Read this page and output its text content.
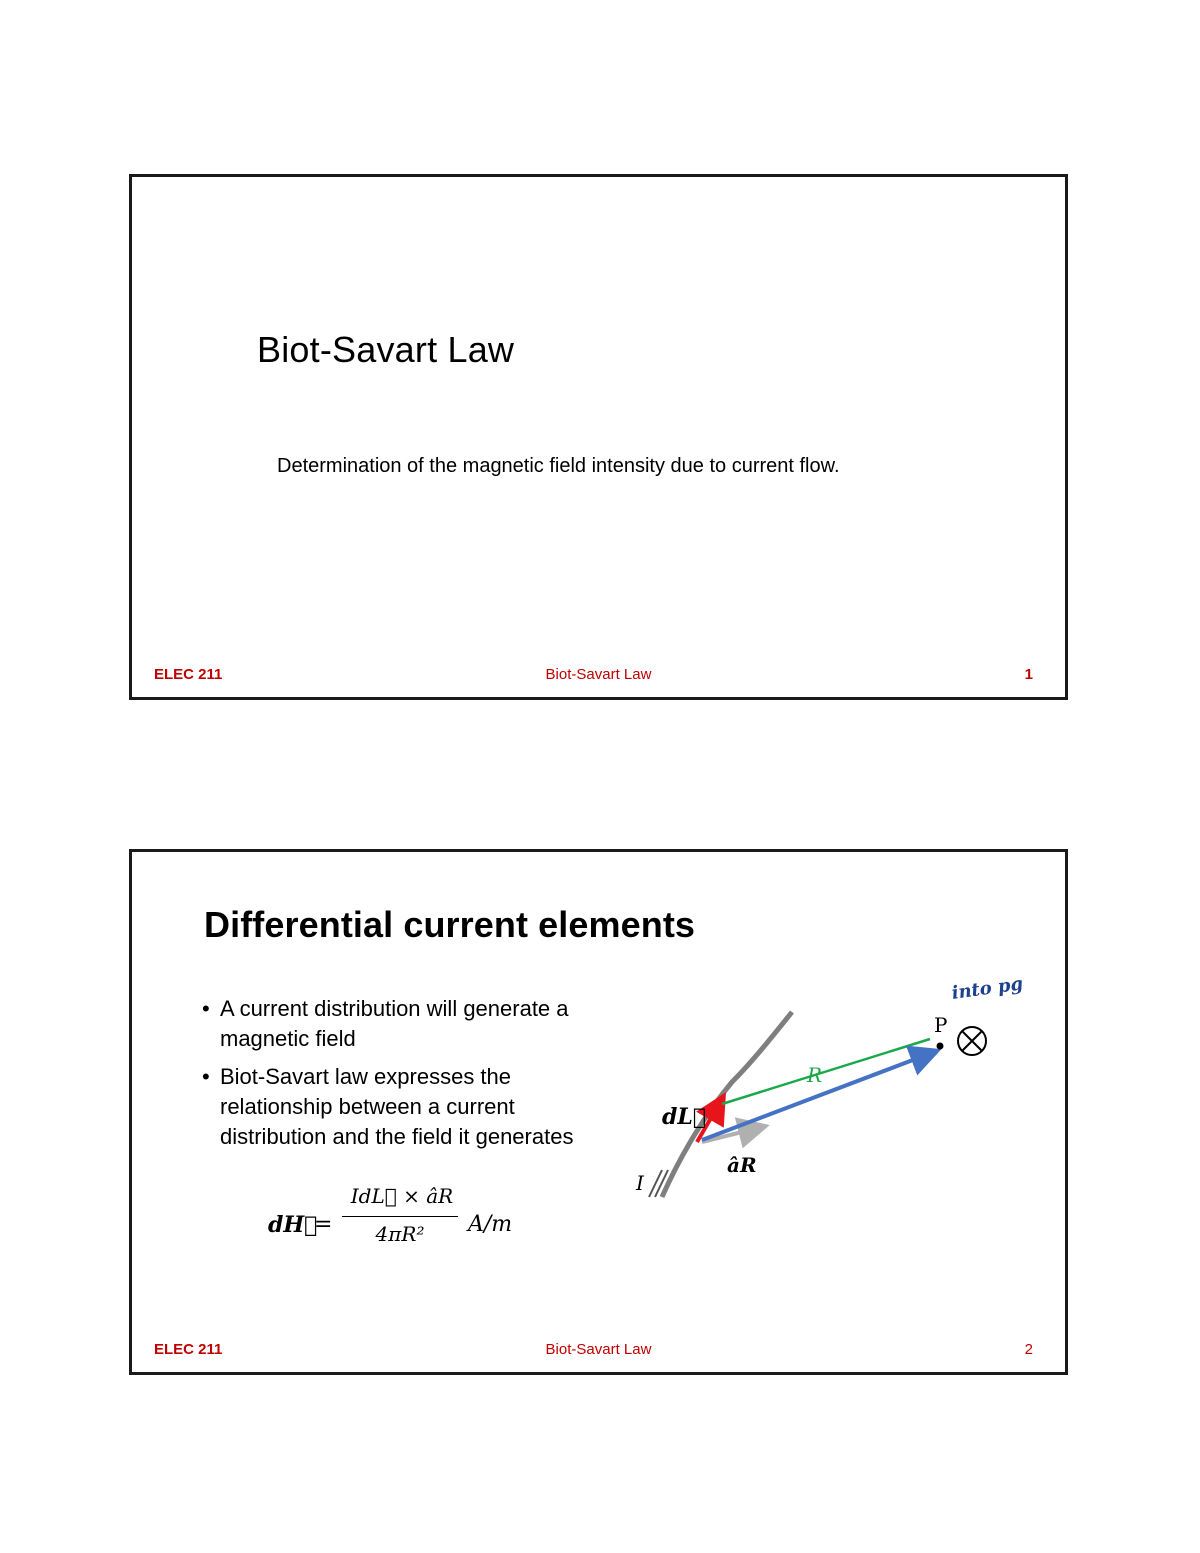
Biot-Savart Law
Determination of the magnetic field intensity due to current flow.
ELEC 211	Biot-Savart Law	1
Differential current elements
• A current distribution will generate a magnetic field
• Biot-Savart law expresses the relationship between a current distribution and the field it generates
dH⃗
=
IdL⃗ × âR
4πR²	A/m
dL⃗
R
âR
I
P
into pg
ELEC 211	Biot-Savart Law	2
